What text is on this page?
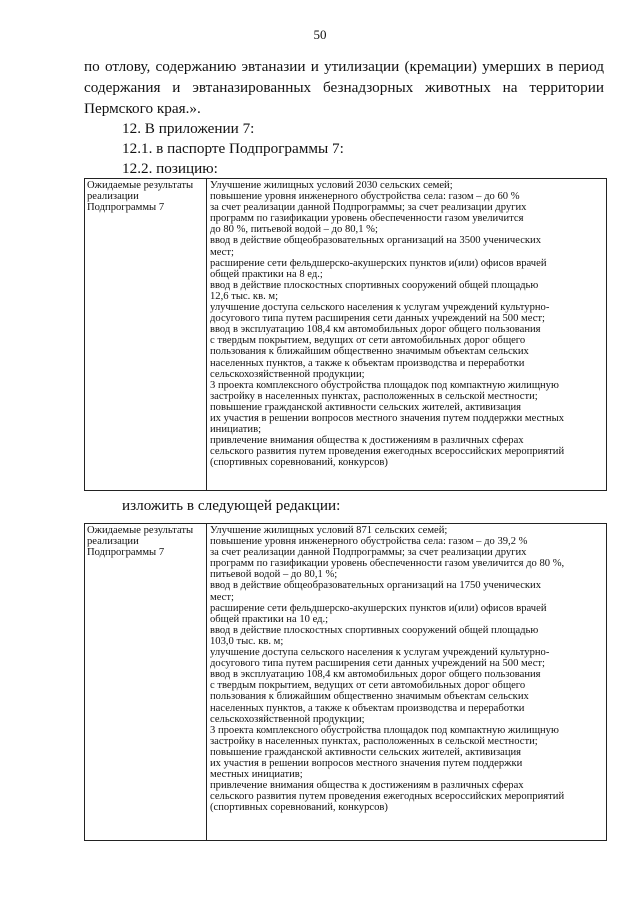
50
по отлову, содержанию эвтаназии и утилизации (кремации) умерших в период
содержания и эвтаназированных безнадзорных животных на территории
Пермского края.».
12. В приложении 7:
12.1. в паспорте Подпрограммы 7:
12.2. позицию:
Ожидаемые результаты
реализации
Подпрограммы 7
Улучшение жилищных условий 2030 сельских семей;
повышение уровня инженерного обустройства села: газом – до 60 %
за счет реализации данной Подпрограммы; за счет реализации других
программ по газификации уровень обеспеченности газом увеличится
до 80 %, питьевой водой – до 80,1 %;
ввод в действие общеобразовательных организаций на 3500 ученических
мест;
расширение сети фельдшерско-акушерских пунктов и(или) офисов врачей
общей практики на 8 ед.;
ввод в действие плоскостных спортивных сооружений общей площадью
12,6 тыс. кв. м;
улучшение доступа сельского населения к услугам учреждений культурно-
досугового типа путем расширения сети данных учреждений на 500 мест;
ввод в эксплуатацию 108,4 км автомобильных дорог общего пользования
с твердым покрытием, ведущих от сети автомобильных дорог общего
пользования к ближайшим общественно значимым объектам сельских
населенных пунктов, а также к объектам производства и переработки
сельскохозяйственной продукции;
3 проекта комплексного обустройства площадок под компактную жилищную
застройку в населенных пунктах, расположенных в сельской местности;
повышение гражданской активности сельских жителей, активизация
их участия в решении вопросов местного значения путем поддержки местных
инициатив;
привлечение внимания общества к достижениям в различных сферах
сельского развития путем проведения ежегодных всероссийских мероприятий
(спортивных соревнований, конкурсов)
изложить в следующей редакции:
Ожидаемые результаты
реализации
Подпрограммы 7
Улучшение жилищных условий 871 сельских семей;
повышение уровня инженерного обустройства села: газом – до 39,2 %
за счет реализации данной Подпрограммы; за счет реализации других
программ по газификации уровень обеспеченности газом увеличится до 80 %,
питьевой водой – до 80,1 %;
ввод в действие общеобразовательных организаций на 1750 ученических
мест;
расширение сети фельдшерско-акушерских пунктов и(или) офисов врачей
общей практики на 10 ед.;
ввод в действие плоскостных спортивных сооружений общей площадью
103,0 тыс. кв. м;
улучшение доступа сельского населения к услугам учреждений культурно-
досугового типа путем расширения сети данных учреждений на 500 мест;
ввод в эксплуатацию 108,4 км автомобильных дорог общего пользования
с твердым покрытием, ведущих от сети автомобильных дорог общего
пользования к ближайшим общественно значимым объектам сельских
населенных пунктов, а также к объектам производства и переработки
сельскохозяйственной продукции;
3 проекта комплексного обустройства площадок под компактную жилищную
застройку в населенных пунктах, расположенных в сельской местности;
повышение гражданской активности сельских жителей, активизация
их участия в решении вопросов местного значения путем поддержки
местных инициатив;
привлечение внимания общества к достижениям в различных сферах
сельского развития путем проведения ежегодных всероссийских мероприятий
(спортивных соревнований, конкурсов)
